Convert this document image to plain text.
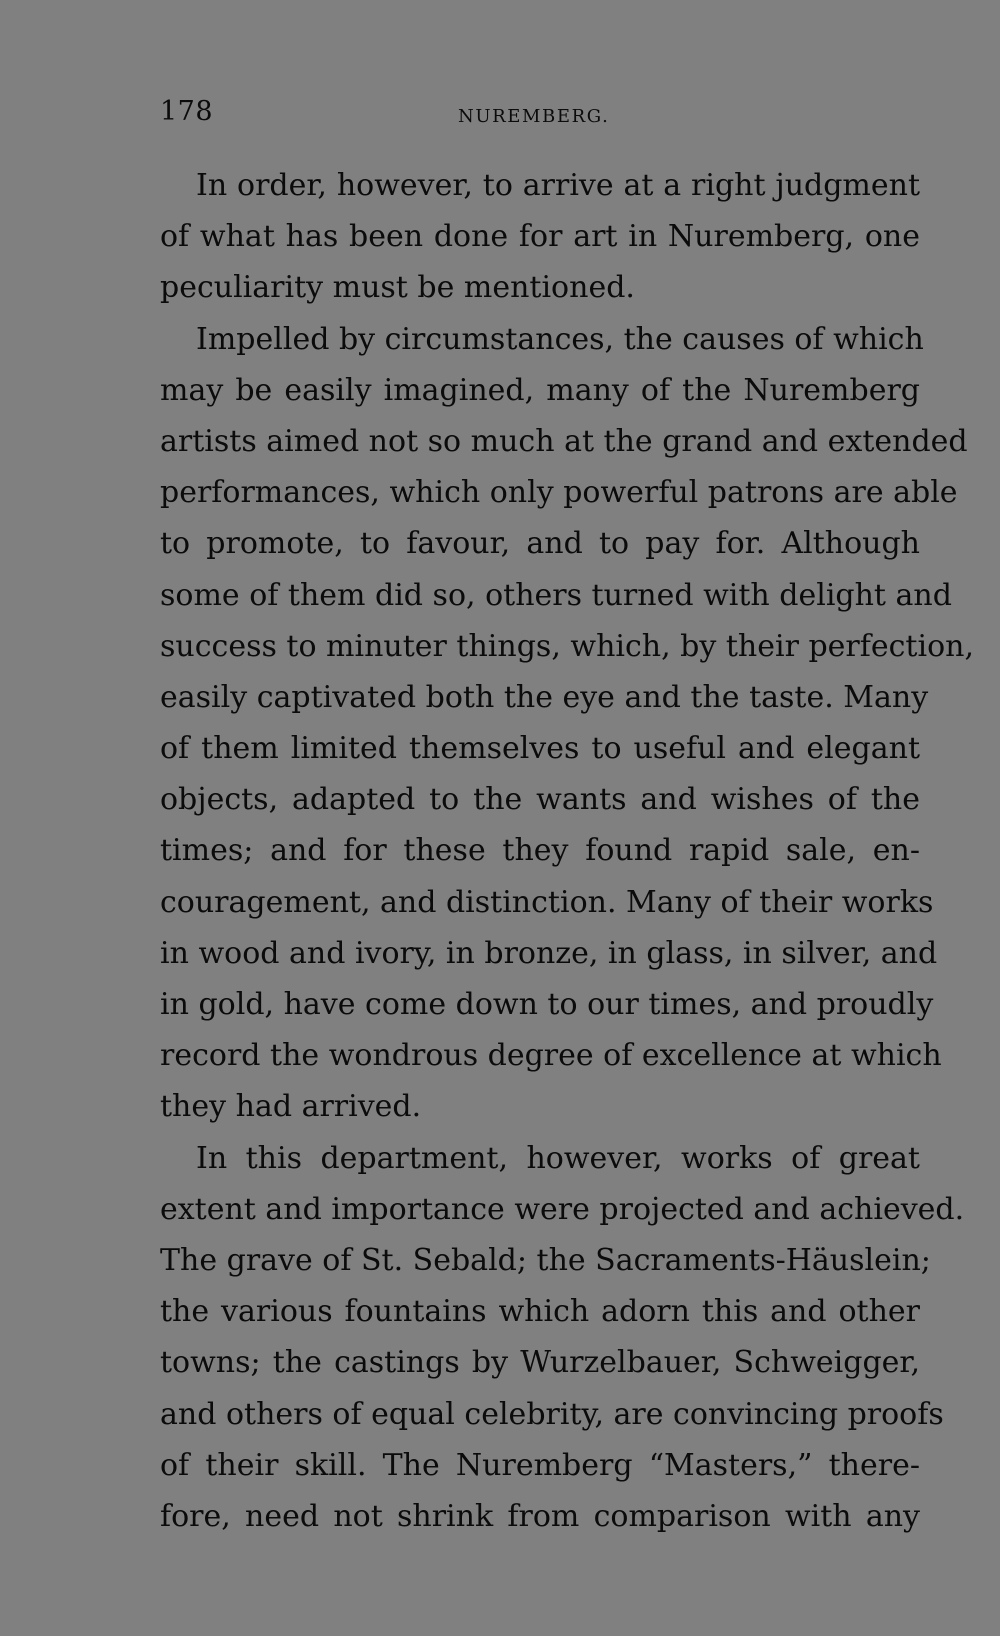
178	NUREMBERG.
In order, however, to arrive at a right judgment
of what has been done for art in Nuremberg, one
peculiarity must be mentioned.
Impelled by circumstances, the causes of which
may be easily imagined, many of the Nuremberg
artists aimed not so much at the grand and extended
performances, which only powerful patrons are able
to promote, to favour, and to pay for. Although
some of them did so, others turned with delight and
success to minuter things, which, by their perfection,
easily captivated both the eye and the taste. Many
of them limited themselves to useful and elegant
objects, adapted to the wants and wishes of the
times; and for these they found rapid sale, en-
couragement, and distinction. Many of their works
in wood and ivory, in bronze, in glass, in silver, and
in gold, have come down to our times, and proudly
record the wondrous degree of excellence at which
they had arrived.
In this department, however, works of great
extent and importance were projected and achieved.
The grave of St. Sebald; the Sacraments-Häuslein;
the various fountains which adorn this and other
towns; the castings by Wurzelbauer, Schweigger,
and others of equal celebrity, are convincing proofs
of their skill. The Nuremberg “Masters,” there-
fore, need not shrink from comparison with any
